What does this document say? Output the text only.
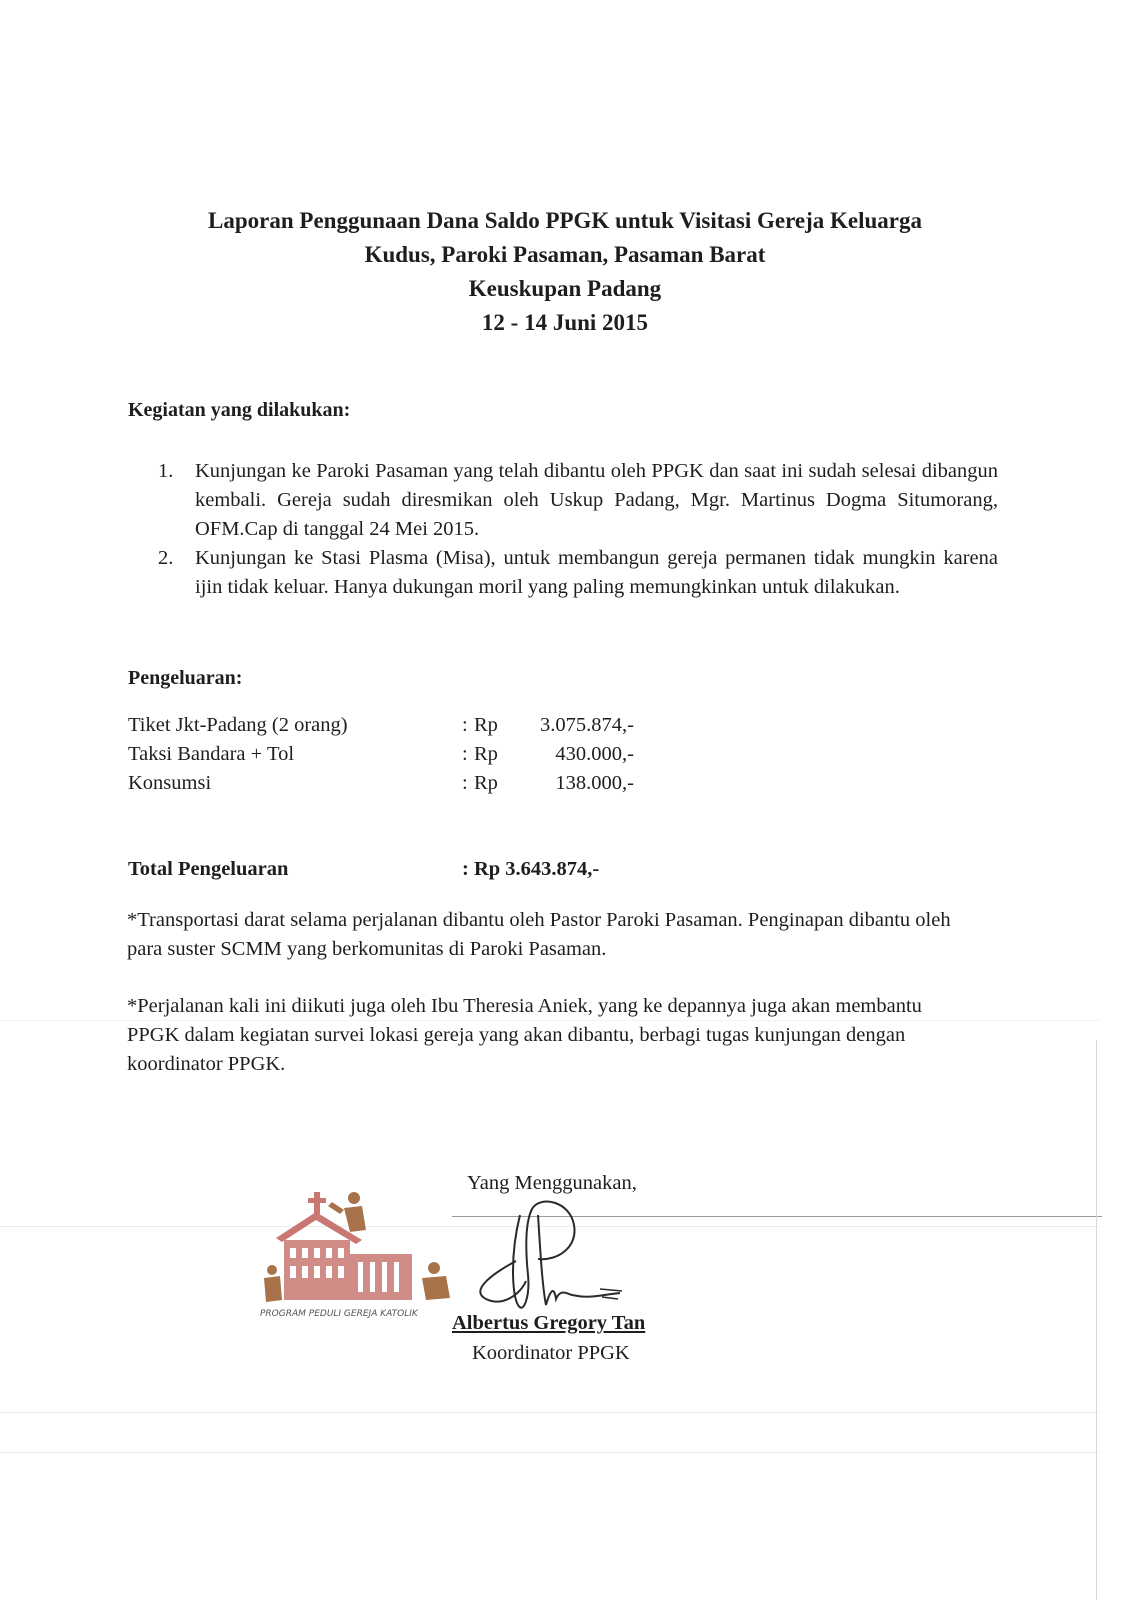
Laporan Penggunaan Dana Saldo PPGK untuk Visitasi Gereja Keluarga
Kudus, Paroki Pasaman, Pasaman Barat
Keuskupan Padang
12 - 14 Juni 2015
Kegiatan yang dilakukan:
1.	Kunjungan ke Paroki Pasaman yang telah dibantu oleh PPGK dan saat ini sudah selesai dibangun kembali. Gereja sudah diresmikan oleh Uskup Padang, Mgr. Martinus Dogma Situmorang, OFM.Cap di tanggal 24 Mei 2015.
2.	Kunjungan ke Stasi Plasma (Misa), untuk membangun gereja permanen tidak mungkin karena ijin tidak keluar. Hanya dukungan moril yang paling memungkinkan untuk dilakukan.
Pengeluaran:
Tiket Jkt-Padang (2 orang)	: Rp	3.075.874,-
Taksi Bandara + Tol	: Rp	430.000,-
Konsumsi	: Rp	138.000,-
Total Pengeluaran	: Rp 3.643.874,-
*Transportasi darat selama perjalanan dibantu oleh Pastor Paroki Pasaman. Penginapan dibantu oleh para suster SCMM yang berkomunitas di Paroki Pasaman.
*Perjalanan kali ini diikuti juga oleh Ibu Theresia Aniek, yang ke depannya juga akan membantu PPGK dalam kegiatan survei lokasi gereja yang akan dibantu, berbagi tugas kunjungan dengan koordinator PPGK.
Yang Menggunakan,
PROGRAM PEDULI GEREJA KATOLIK Albertus Gregory Tan
Koordinator PPGK
